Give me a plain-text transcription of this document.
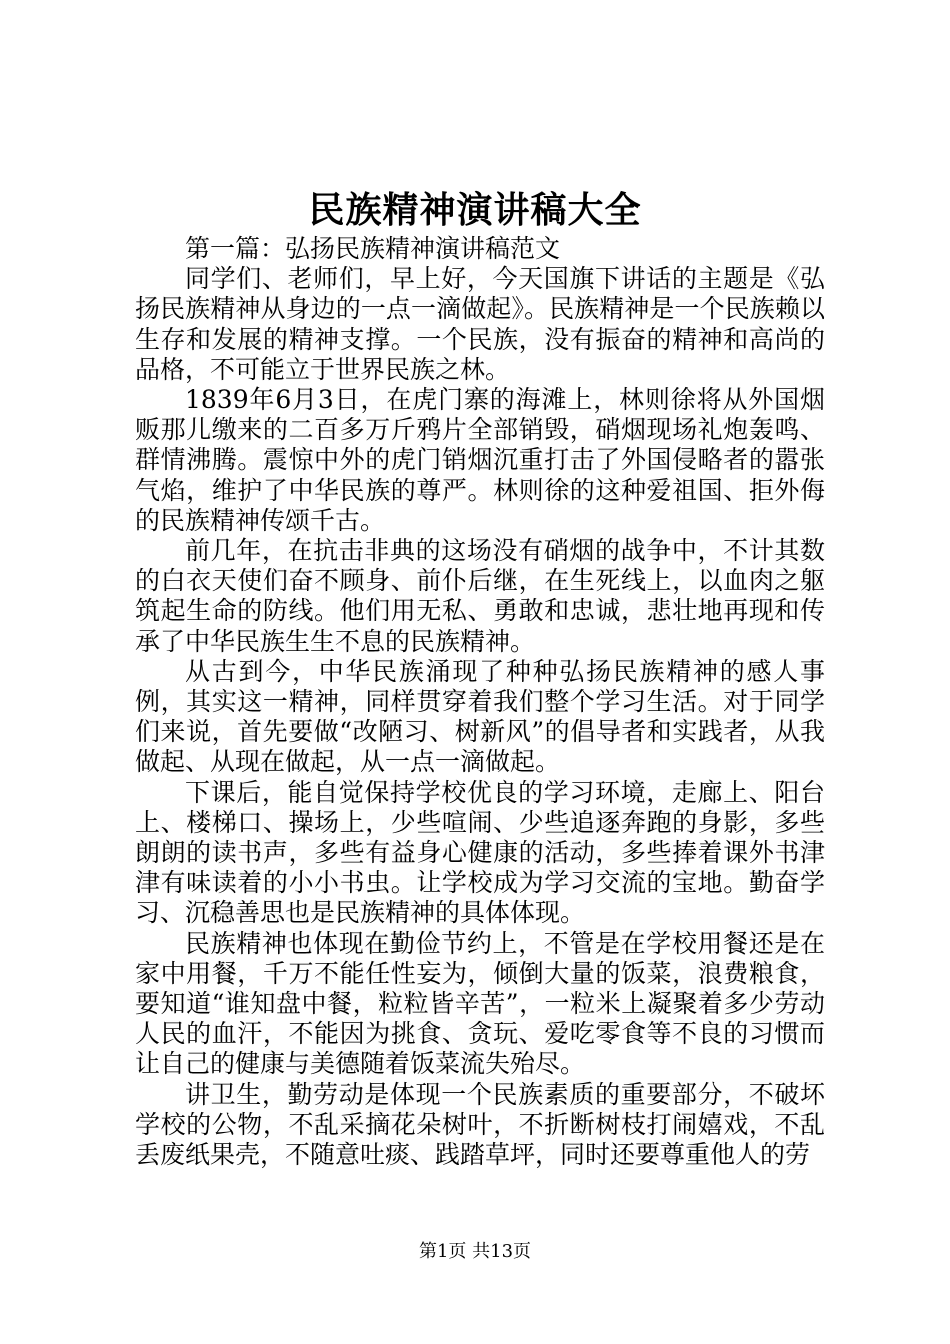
民族精神演讲稿大全

第一篇：弘扬民族精神演讲稿范文

同学们、老师们，早上好，今天国旗下讲话的主题是《弘扬民族精神从身边的一点一滴做起》。民族精神是一个民族赖以生存和发展的精神支撑。一个民族，没有振奋的精神和高尚的品格，不可能立于世界民族之林。

1839年6月3日，在虎门寨的海滩上，林则徐将从外国烟贩那儿缴来的二百多万斤鸦片全部销毁，硝烟现场礼炮轰鸣、群情沸腾。震惊中外的虎门销烟沉重打击了外国侵略者的嚣张气焰，维护了中华民族的尊严。林则徐的这种爱祖国、拒外侮的民族精神传颂千古。

前几年，在抗击非典的这场没有硝烟的战争中，不计其数的白衣天使们奋不顾身、前仆后继，在生死线上，以血肉之躯筑起生命的防线。他们用无私、勇敢和忠诚，悲壮地再现和传承了中华民族生生不息的民族精神。

从古到今，中华民族涌现了种种弘扬民族精神的感人事例，其实这一精神，同样贯穿着我们整个学习生活。对于同学们来说，首先要做“改陋习、树新风”的倡导者和实践者，从我做起、从现在做起，从一点一滴做起。

下课后，能自觉保持学校优良的学习环境，走廊上、阳台上、楼梯口、操场上，少些喧闹、少些追逐奔跑的身影，多些朗朗的读书声，多些有益身心健康的活动，多些捧着课外书津津有味读着的小小书虫。让学校成为学习交流的宝地。勤奋学习、沉稳善思也是民族精神的具体体现。

民族精神也体现在勤俭节约上，不管是在学校用餐还是在家中用餐，千万不能任性妄为，倾倒大量的饭菜，浪费粮食，要知道“谁知盘中餐，粒粒皆辛苦”，一粒米上凝聚着多少劳动人民的血汗，不能因为挑食、贪玩、爱吃零食等不良的习惯而让自己的健康与美德随着饭菜流失殆尽。

讲卫生，勤劳动是体现一个民族素质的重要部分，不破坏学校的公物，不乱采摘花朵树叶，不折断树枝打闹嬉戏，不乱丢废纸果壳，不随意吐痰、践踏草坪，同时还要尊重他人的劳

第1页 共13页
